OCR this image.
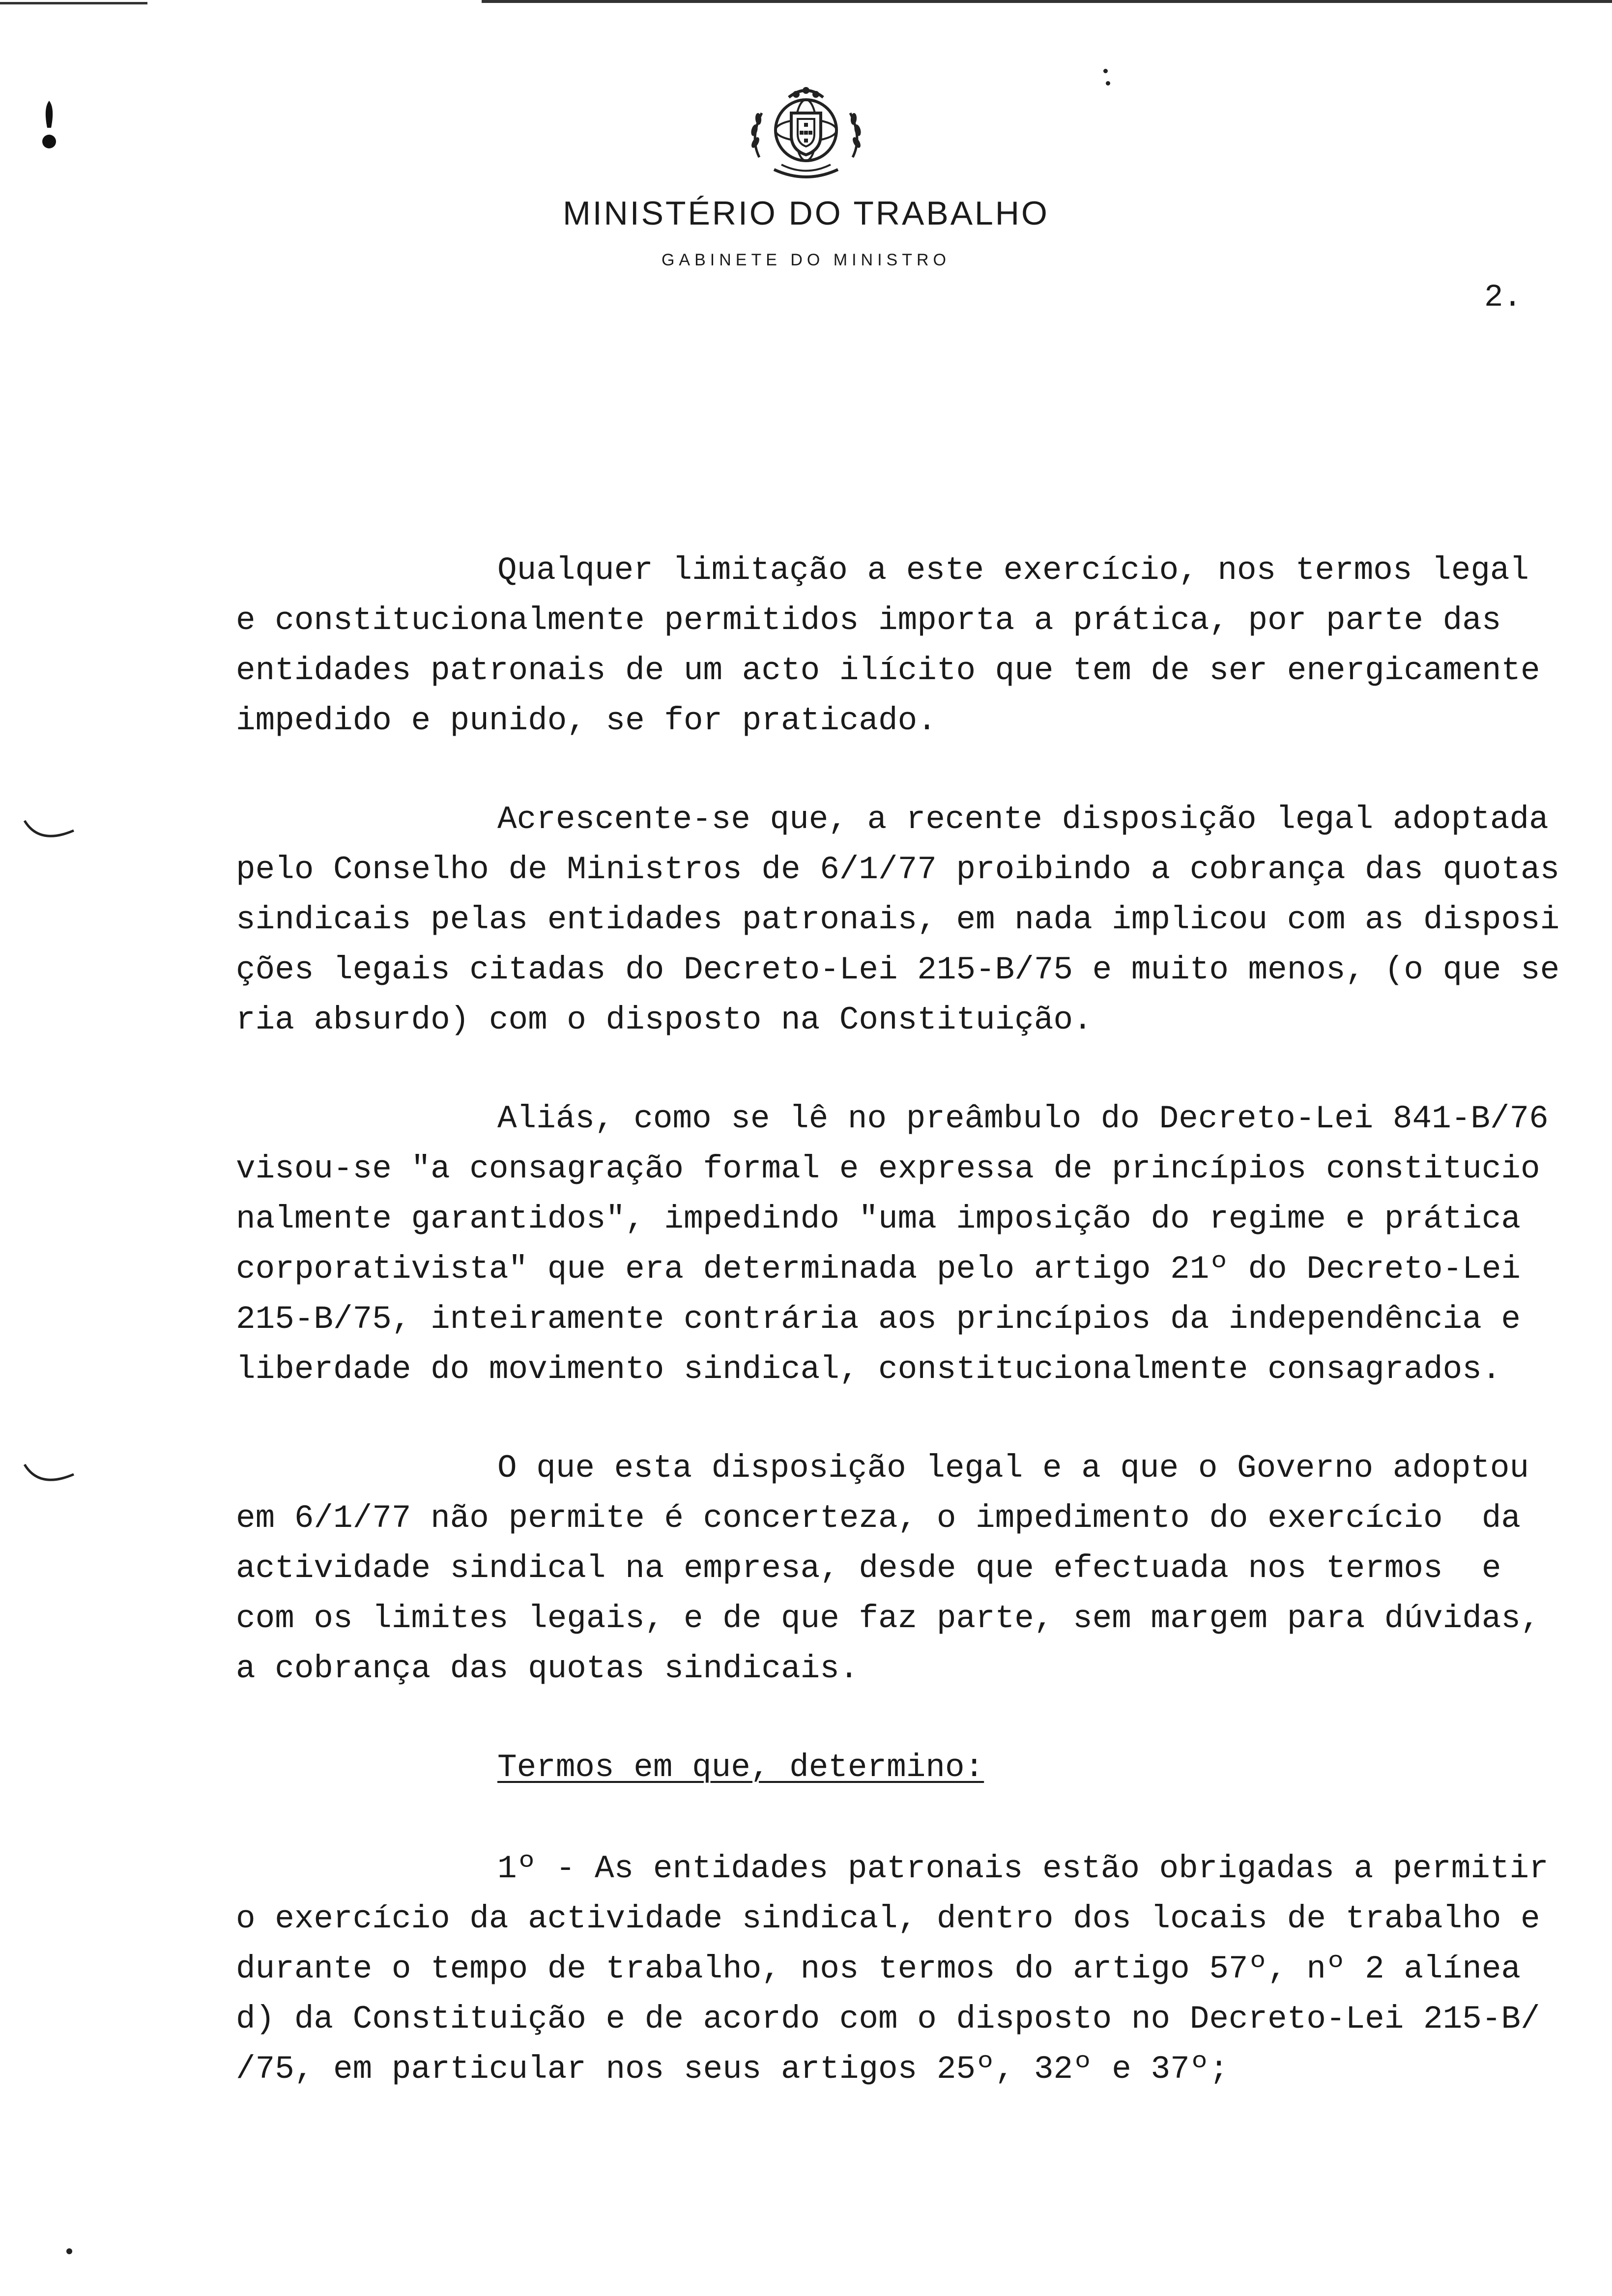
MINISTÉRIO DO TRABALHO
GABINETE DO MINISTRO
2.
Qualquer limitação a este exercício, nos termos legal
e constitucionalmente permitidos importa a prática, por parte das
entidades patronais de um acto ilícito que tem de ser energicamente
impedido e punido, se for praticado.
Acrescente-se que, a recente disposição legal adoptada
pelo Conselho de Ministros de 6/1/77 proibindo a cobrança das quotas
sindicais pelas entidades patronais, em nada implicou com as disposi
ções legais citadas do Decreto-Lei 215-B/75 e muito menos, (o que se
ria absurdo) com o disposto na Constituição.
Aliás, como se lê no preâmbulo do Decreto-Lei 841-B/76
visou-se "a consagração formal e expressa de princípios constitucio
nalmente garantidos", impedindo "uma imposição do regime e prática
corporativista" que era determinada pelo artigo 21º do Decreto-Lei
215-B/75, inteiramente contrária aos princípios da independência e
liberdade do movimento sindical, constitucionalmente consagrados.
O que esta disposição legal e a que o Governo adoptou
em 6/1/77 não permite é concerteza, o impedimento do exercício  da
actividade sindical na empresa, desde que efectuada nos termos  e
com os limites legais, e de que faz parte, sem margem para dúvidas,
a cobrança das quotas sindicais.
Termos em que, determino:
1º - As entidades patronais estão obrigadas a permitir
o exercício da actividade sindical, dentro dos locais de trabalho e
durante o tempo de trabalho, nos termos do artigo 57º, nº 2 alínea
d) da Constituição e de acordo com o disposto no Decreto-Lei 215-B/
/75, em particular nos seus artigos 25º, 32º e 37º;
